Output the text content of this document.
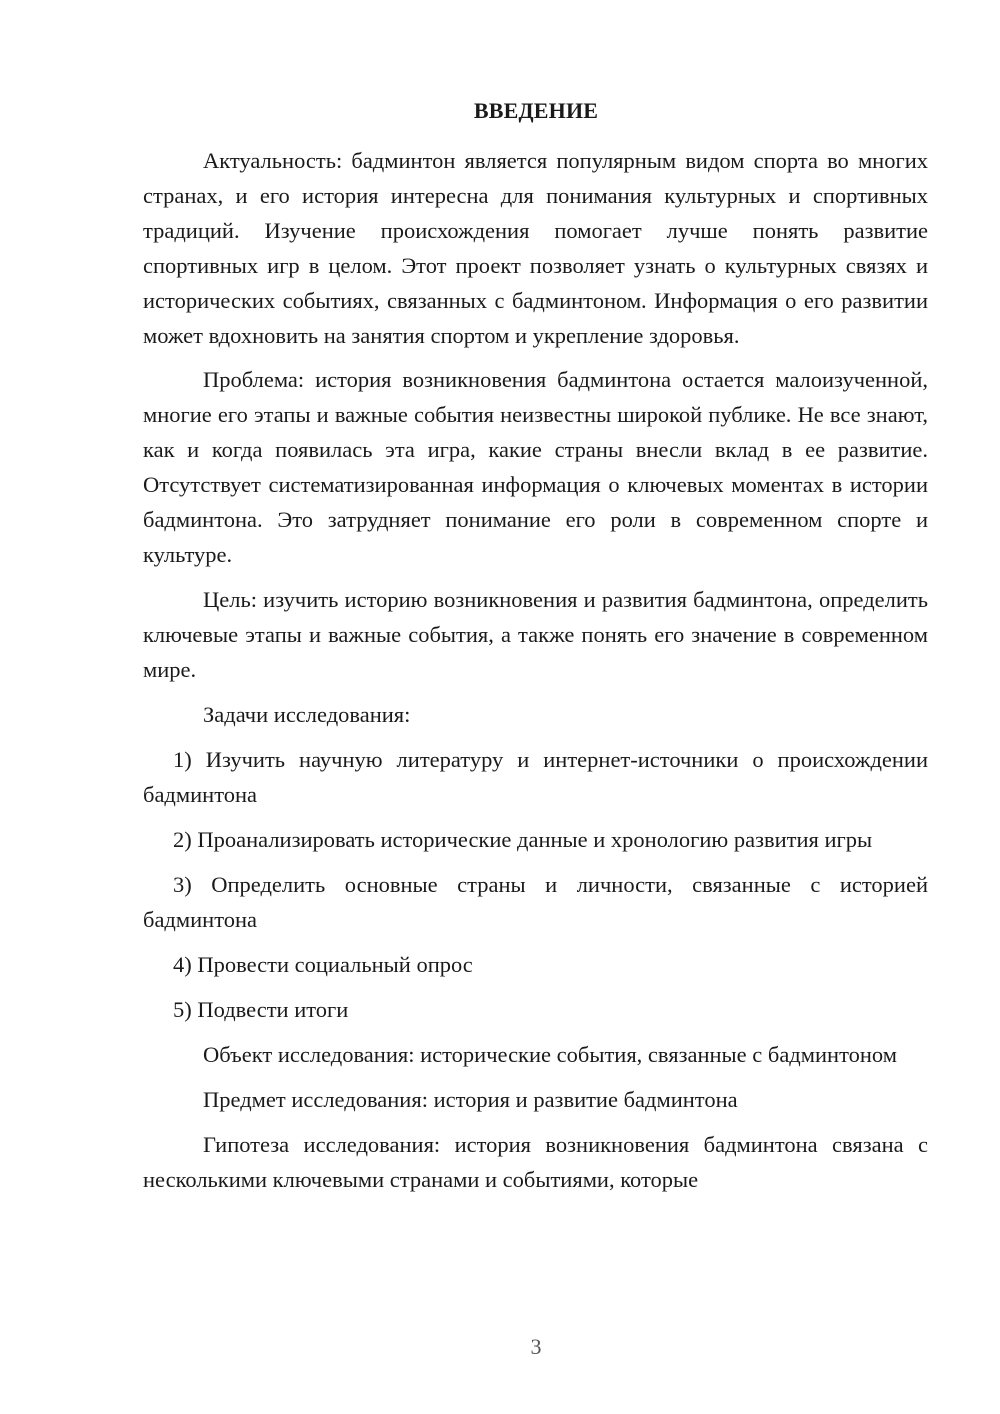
ВВЕДЕНИЕ

Актуальность: бадминтон является популярным видом спорта во многих странах, и его история интересна для понимания культурных и спортивных традиций. Изучение происхождения помогает лучше понять развитие спортивных игр в целом. Этот проект позволяет узнать о культурных связях и исторических событиях, связанных с бадминтоном. Информация о его развитии может вдохновить на занятия спортом и укрепление здоровья.

Проблема: история возникновения бадминтона остается малоизученной, многие его этапы и важные события неизвестны широкой публике. Не все знают, как и когда появилась эта игра, какие страны внесли вклад в ее развитие. Отсутствует систематизированная информация о ключевых моментах в истории бадминтона. Это затрудняет понимание его роли в современном спорте и культуре.

Цель: изучить историю возникновения и развития бадминтона, определить ключевые этапы и важные события, а также понять его значение в современном мире.

Задачи исследования:

1) Изучить научную литературу и интернет-источники о происхождении бадминтона

2) Проанализировать исторические данные и хронологию развития игры

3) Определить основные страны и личности, связанные с историей бадминтона

4) Провести социальный опрос

5) Подвести итоги

Объект исследования: исторические события, связанные с бадминтоном

Предмет исследования: история и развитие бадминтона

Гипотеза исследования: история возникновения бадминтона связана с несколькими ключевыми странами и событиями, которые

3
